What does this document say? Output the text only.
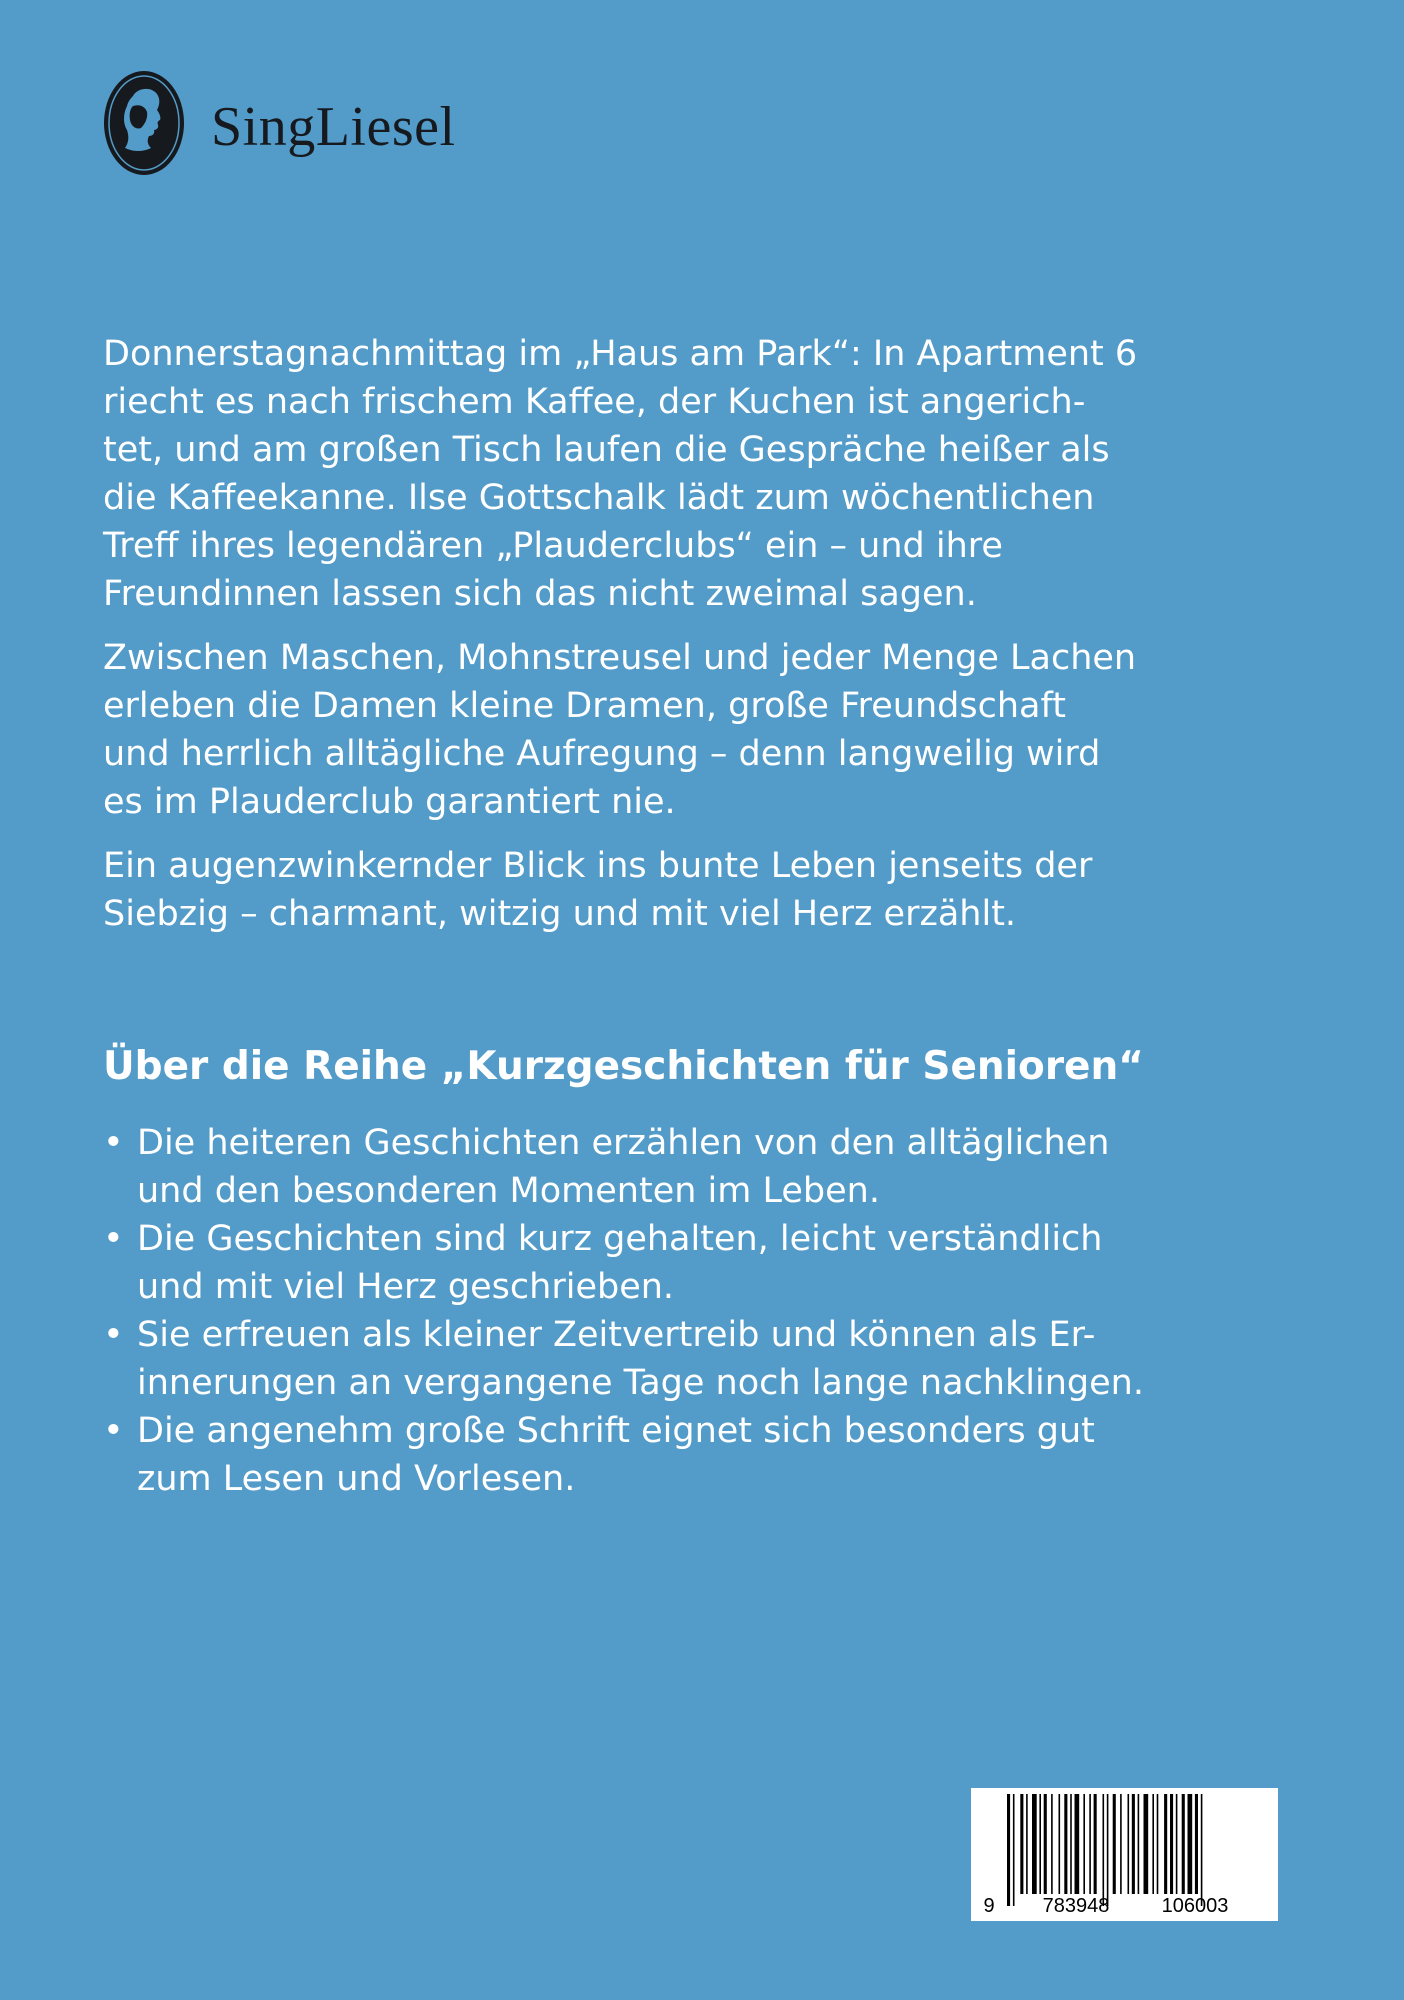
SingLiesel

Donnerstagnachmittag im „Haus am Park“: In Apartment 6
riecht es nach frischem Kaffee, der Kuchen ist angerich-
tet, und am großen Tisch laufen die Gespräche heißer als
die Kaffeekanne. Ilse Gottschalk lädt zum wöchentlichen
Treff ihres legendären „Plauderclubs“ ein – und ihre
Freundinnen lassen sich das nicht zweimal sagen.

Zwischen Maschen, Mohnstreusel und jeder Menge Lachen
erleben die Damen kleine Dramen, große Freundschaft
und herrlich alltägliche Aufregung – denn langweilig wird
es im Plauderclub garantiert nie.

Ein augenzwinkernder Blick ins bunte Leben jenseits der
Siebzig – charmant, witzig und mit viel Herz erzählt.

Über die Reihe „Kurzgeschichten für Senioren“
• Die heiteren Geschichten erzählen von den alltäglichen
und den besonderen Momenten im Leben.
• Die Geschichten sind kurz gehalten, leicht verständlich
und mit viel Herz geschrieben.
• Sie erfreuen als kleiner Zeitvertreib und können als Er-
innerungen an vergangene Tage noch lange nachklingen.
• Die angenehm große Schrift eignet sich besonders gut
zum Lesen und Vorlesen.
9 783948	106003
